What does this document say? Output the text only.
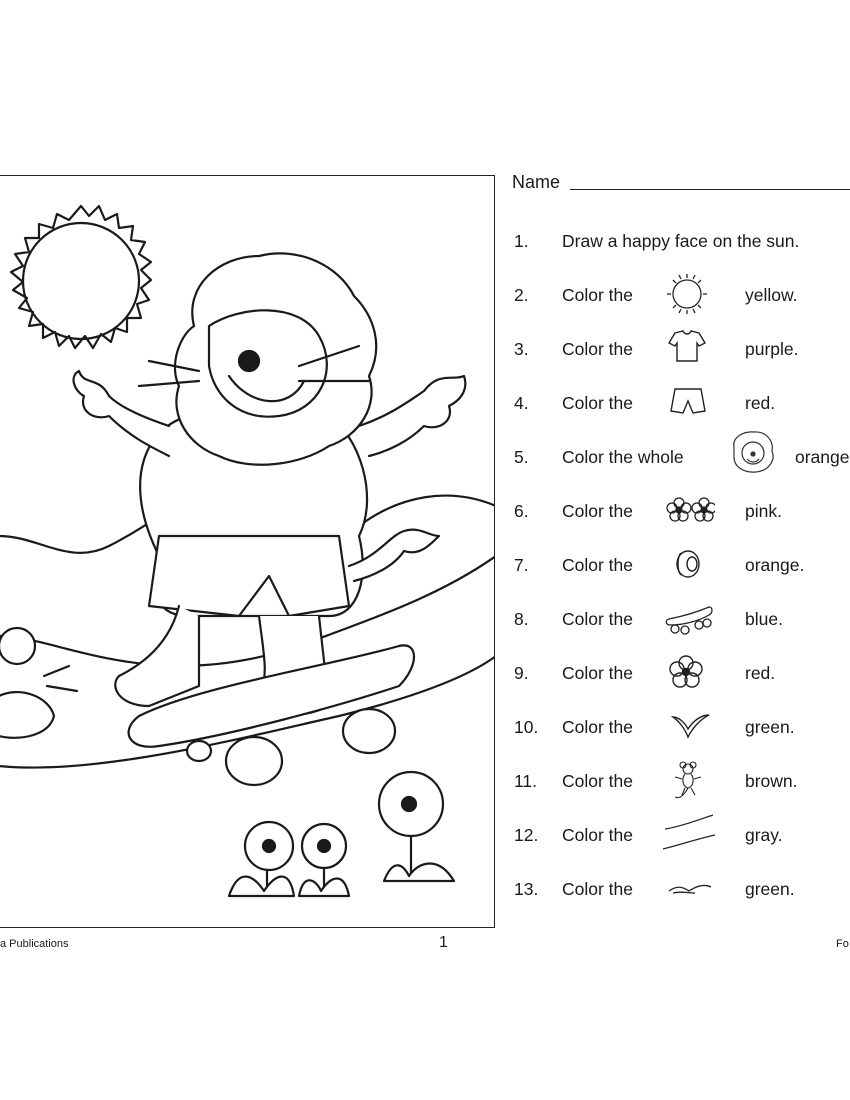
Name
1. Draw a happy face on the sun.
2. Color the	yellow.
3. Color the	purple.
4. Color the	red.
5. Color the whole	orange
6. Color the	pink.
7. Color the	orange.
8. Color the	blue.
9. Color the	red.
10. Color the	green.
11. Color the	brown.
12. Color the	gray.
13. Color the	green.
a Publications	1	Fo
